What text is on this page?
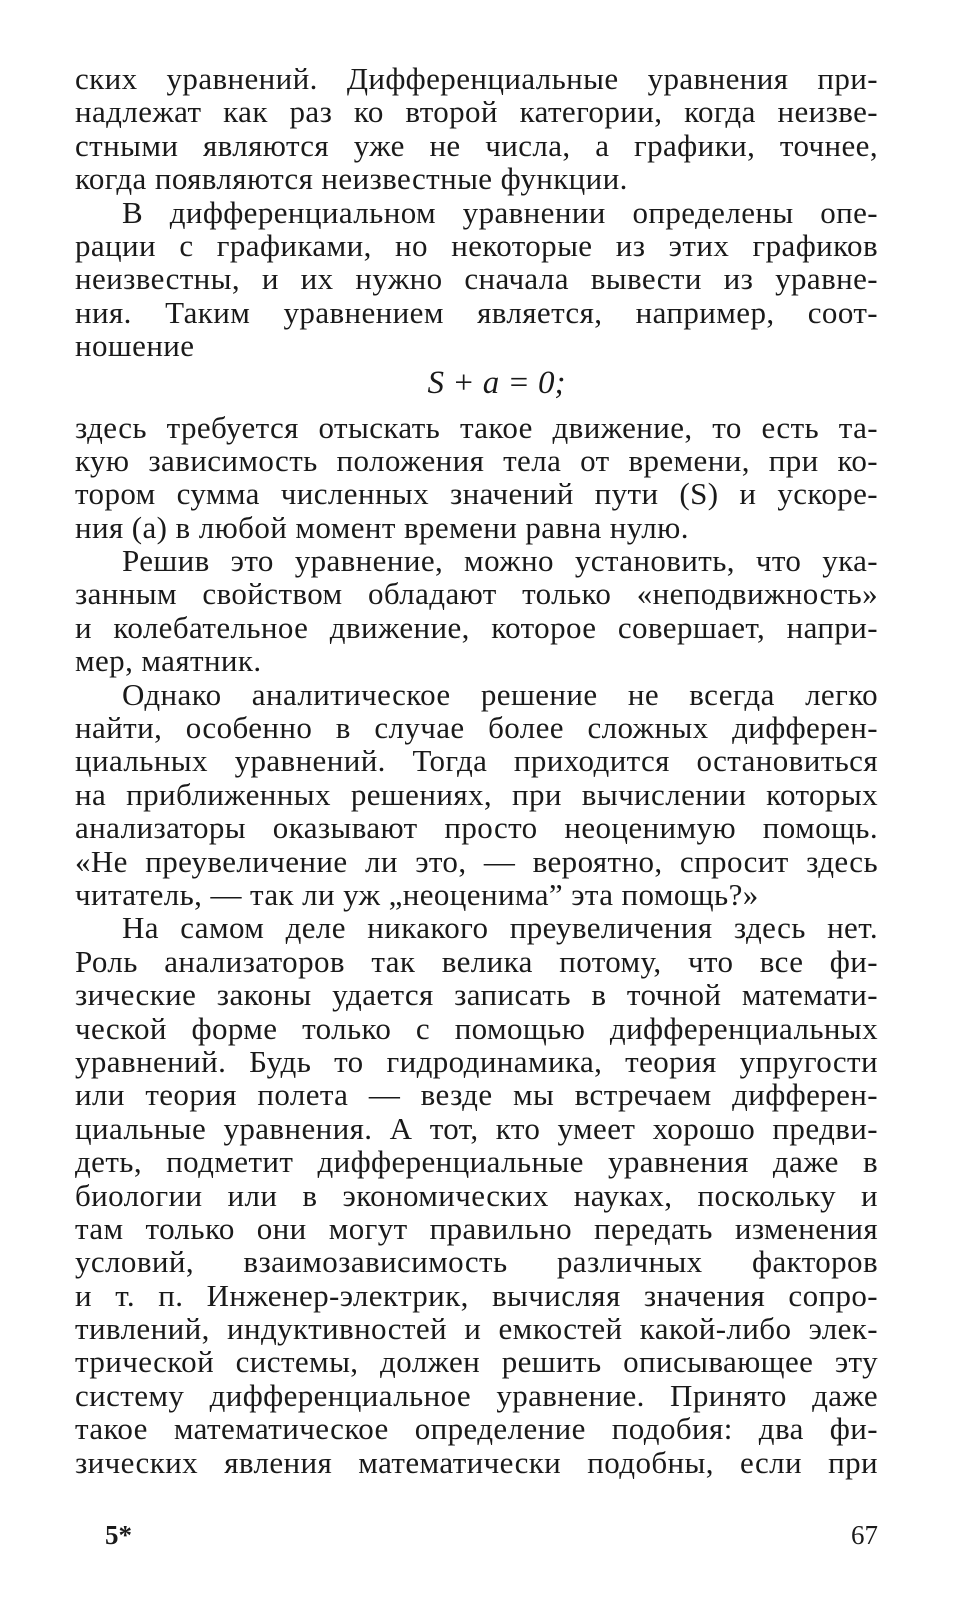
ских уравнений. Дифференциальные уравнения при-
надлежат как раз ко второй категории, когда неизве-
стными являются уже не числа, а графики, точнее,
когда появляются неизвестные функции.
В дифференциальном уравнении определены опе-
рации с графиками, но некоторые из этих графиков
неизвестны, и их нужно сначала вывести из уравне-
ния. Таким уравнением является, например, соот-
ношение
S + a = 0;
здесь требуется отыскать такое движение, то есть та-
кую зависимость положения тела от времени, при ко-
тором сумма численных значений пути (S) и ускоре-
ния (a) в любой момент времени равна нулю.
Решив это уравнение, можно установить, что ука-
занным свойством обладают только «неподвижность»
и колебательное движение, которое совершает, напри-
мер, маятник.
Однако аналитическое решение не всегда легко
найти, особенно в случае более сложных дифферен-
циальных уравнений. Тогда приходится остановиться
на приближенных решениях, при вычислении которых
анализаторы оказывают просто неоценимую помощь.
«Не преувеличение ли это, — вероятно, спросит здесь
читатель, — так ли уж „неоценима” эта помощь?»
На самом деле никакого преувеличения здесь нет.
Роль анализаторов так велика потому, что все фи-
зические законы удается записать в точной математи-
ческой форме только с помощью дифференциальных
уравнений. Будь то гидродинамика, теория упругости
или теория полета — везде мы встречаем дифферен-
циальные уравнения. А тот, кто умеет хорошо предви-
деть, подметит дифференциальные уравнения даже в
биологии или в экономических науках, поскольку и
там только они могут правильно передать изменения
условий, взаимозависимость различных факторов
и т. п. Инженер-электрик, вычисляя значения сопро-
тивлений, индуктивностей и емкостей какой-либо элек-
трической системы, должен решить описывающее эту
систему дифференциальное уравнение. Принято даже
такое математическое определение подобия: два фи-
зических явления математически подобны, если при
5*	67
